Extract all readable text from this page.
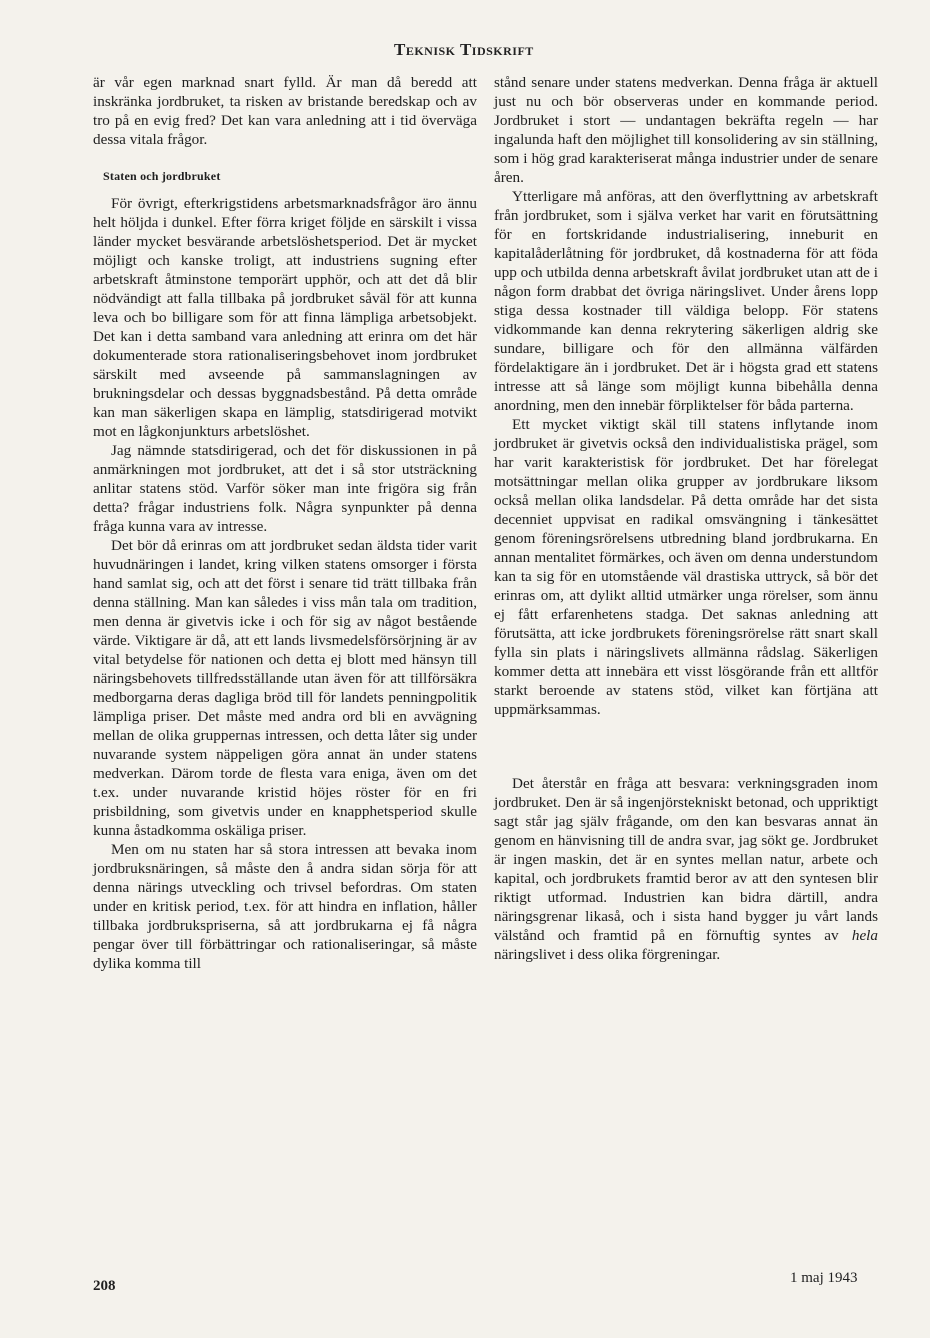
Teknisk Tidskrift

är vår egen marknad snart fylld. Är man då beredd att inskränka jordbruket, ta risken av bristande beredskap och av tro på en evig fred? Det kan vara anledning att i tid överväga dessa vitala frågor.

Staten och jordbruket

För övrigt, efterkrigstidens arbetsmarknadsfrågor äro ännu helt höljda i dunkel. Efter förra kriget följde en särskilt i vissa länder mycket besvärande arbetslöshetsperiod. Det är mycket möjligt och kanske troligt, att industriens sugning efter arbetskraft åtminstone temporärt upphör, och att det då blir nödvändigt att falla tillbaka på jordbruket såväl för att kunna leva och bo billigare som för att finna lämpliga arbetsobjekt. Det kan i detta samband vara anledning att erinra om det här dokumenterade stora rationaliseringsbehovet inom jordbruket särskilt med avseende på sammanslagningen av brukningsdelar och dessas byggnadsbestånd. På detta område kan man säkerligen skapa en lämplig, statsdirigerad motvikt mot en lågkonjunkturs arbetslöshet.

Jag nämnde statsdirigerad, och det för diskussionen in på anmärkningen mot jordbruket, att det i så stor utsträckning anlitar statens stöd. Varför söker man inte frigöra sig från detta? frågar industriens folk. Några synpunkter på denna fråga kunna vara av intresse.

Det bör då erinras om att jordbruket sedan äldsta tider varit huvudnäringen i landet, kring vilken statens omsorger i första hand samlat sig, och att det först i senare tid trätt tillbaka från denna ställning. Man kan således i viss mån tala om tradition, men denna är givetvis icke i och för sig av något bestående värde. Viktigare är då, att ett lands livsmedelsförsörjning är av vital betydelse för nationen och detta ej blott med hänsyn till näringsbehovets tillfredsställande utan även för att tillförsäkra medborgarna deras dagliga bröd till för landets penningpolitik lämpliga priser. Det måste med andra ord bli en avvägning mellan de olika gruppernas intressen, och detta låter sig under nuvarande system näppeligen göra annat än under statens medverkan. Därom torde de flesta vara eniga, även om det t.ex. under nuvarande kristid höjes röster för en fri prisbildning, som givetvis under en knapphetsperiod skulle kunna åstadkomma oskäliga priser.

Men om nu staten har så stora intressen att bevaka inom jordbruksnäringen, så måste den å andra sidan sörja för att denna närings utveckling och trivsel befordras. Om staten under en kritisk period, t.ex. för att hindra en inflation, håller tillbaka jordbrukspriserna, så att jordbrukarna ej få några pengar över till förbättringar och rationaliseringar, så måste dylika komma till

stånd senare under statens medverkan. Denna fråga är aktuell just nu och bör observeras under en kommande period. Jordbruket i stort — undantagen bekräfta regeln — har ingalunda haft den möjlighet till konsolidering av sin ställning, som i hög grad karakteriserat många industrier under de senare åren.

Ytterligare må anföras, att den överflyttning av arbetskraft från jordbruket, som i själva verket har varit en förutsättning för en fortskridande industrialisering, inneburit en kapitalåderlåtning för jordbruket, då kostnaderna för att föda upp och utbilda denna arbetskraft åvilat jordbruket utan att de i någon form drabbat det övriga näringslivet. Under årens lopp stiga dessa kostnader till väldiga belopp. För statens vidkommande kan denna rekrytering säkerligen aldrig ske sundare, billigare och för den allmänna välfärden fördelaktigare än i jordbruket. Det är i högsta grad ett statens intresse att så länge som möjligt kunna bibehålla denna anordning, men den innebär förpliktelser för båda parterna.

Ett mycket viktigt skäl till statens inflytande inom jordbruket är givetvis också den individualistiska prägel, som har varit karakteristisk för jordbruket. Det har förelegat motsättningar mellan olika grupper av jordbrukare liksom också mellan olika landsdelar. På detta område har det sista decenniet uppvisat en radikal omsvängning i tänkesättet genom föreningsrörelsens utbredning bland jordbrukarna. En annan mentalitet förmärkes, och även om denna understundom kan ta sig för en utomstående väl drastiska uttryck, så bör det erinras om, att dylikt alltid utmärker unga rörelser, som ännu ej fått erfarenhetens stadga. Det saknas anledning att förutsätta, att icke jordbrukets föreningsrörelse rätt snart skall fylla sin plats i näringslivets allmänna rådslag. Säkerligen kommer detta att innebära ett visst lösgörande från ett alltför starkt beroende av statens stöd, vilket kan förtjäna att uppmärksammas.

Det återstår en fråga att besvara: verkningsgraden inom jordbruket. Den är så ingenjörstekniskt betonad, och uppriktigt sagt står jag själv frågande, om den kan besvaras annat än genom en hänvisning till de andra svar, jag sökt ge. Jordbruket är ingen maskin, det är en syntes mellan natur, arbete och kapital, och jordbrukets framtid beror av att den syntesen blir riktigt utformad. Industrien kan bidra därtill, andra näringsgrenar likaså, och i sista hand bygger ju vårt lands välstånd och framtid på en förnuftig syntes av hela näringslivet i dess olika förgreningar.

208	1 maj 1943
